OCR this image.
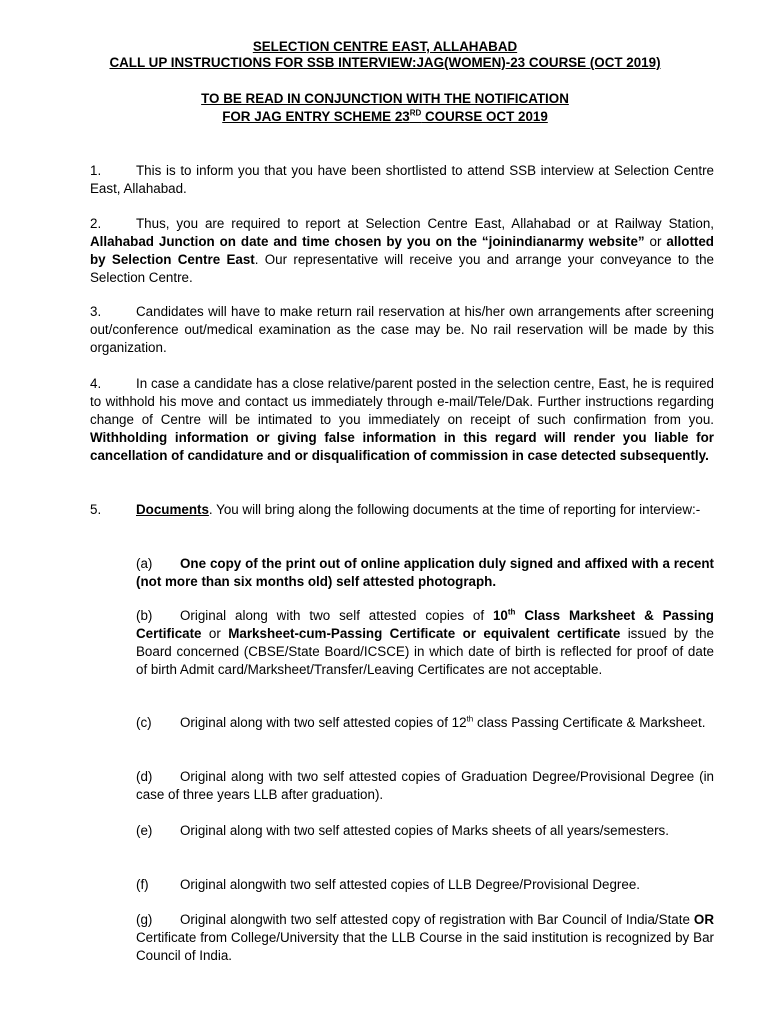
SELECTION CENTRE EAST, ALLAHABAD
CALL UP INSTRUCTIONS FOR SSB INTERVIEW:JAG(WOMEN)-23 COURSE (OCT 2019)
TO BE READ IN CONJUNCTION WITH THE NOTIFICATION
FOR JAG ENTRY SCHEME 23RD COURSE OCT 2019
1.	This is to inform you that you have been shortlisted to attend SSB interview at Selection Centre East, Allahabad.
2.	Thus, you are required to report at Selection Centre East, Allahabad or at Railway Station, Allahabad Junction on date and time chosen by you on the “joinindianarmy website” or allotted by Selection Centre East. Our representative will receive you and arrange your conveyance to the Selection Centre.
3.	Candidates will have to make return rail reservation at his/her own arrangements after screening out/conference out/medical examination as the case may be. No rail reservation will be made by this organization.
4.	In case a candidate has a close relative/parent posted in the selection centre, East, he is required to withhold his move and contact us immediately through e-mail/Tele/Dak. Further instructions regarding change of Centre will be intimated to you immediately on receipt of such confirmation from you. Withholding information or giving false information in this regard will render you liable for cancellation of candidature and or disqualification of commission in case detected subsequently.
5.	Documents. You will bring along the following documents at the time of reporting for interview:-
(a) One copy of the print out of online application duly signed and affixed with a recent (not more than six months old) self attested photograph.
(b) Original along with two self attested copies of 10th Class Marksheet & Passing Certificate or Marksheet-cum-Passing Certificate or equivalent certificate issued by the Board concerned (CBSE/State Board/ICSCE) in which date of birth is reflected for proof of date of birth Admit card/Marksheet/Transfer/Leaving Certificates are not acceptable.
(c) Original along with two self attested copies of 12th class Passing Certificate & Marksheet.
(d) Original along with two self attested copies of Graduation Degree/Provisional Degree (in case of three years LLB after graduation).
(e) Original along with two self attested copies of Marks sheets of all years/semesters.
(f) Original alongwith two self attested copies of LLB Degree/Provisional Degree.
(g) Original alongwith two self attested copy of registration with Bar Council of India/State OR Certificate from College/University that the LLB Course in the said institution is recognized by Bar Council of India.
